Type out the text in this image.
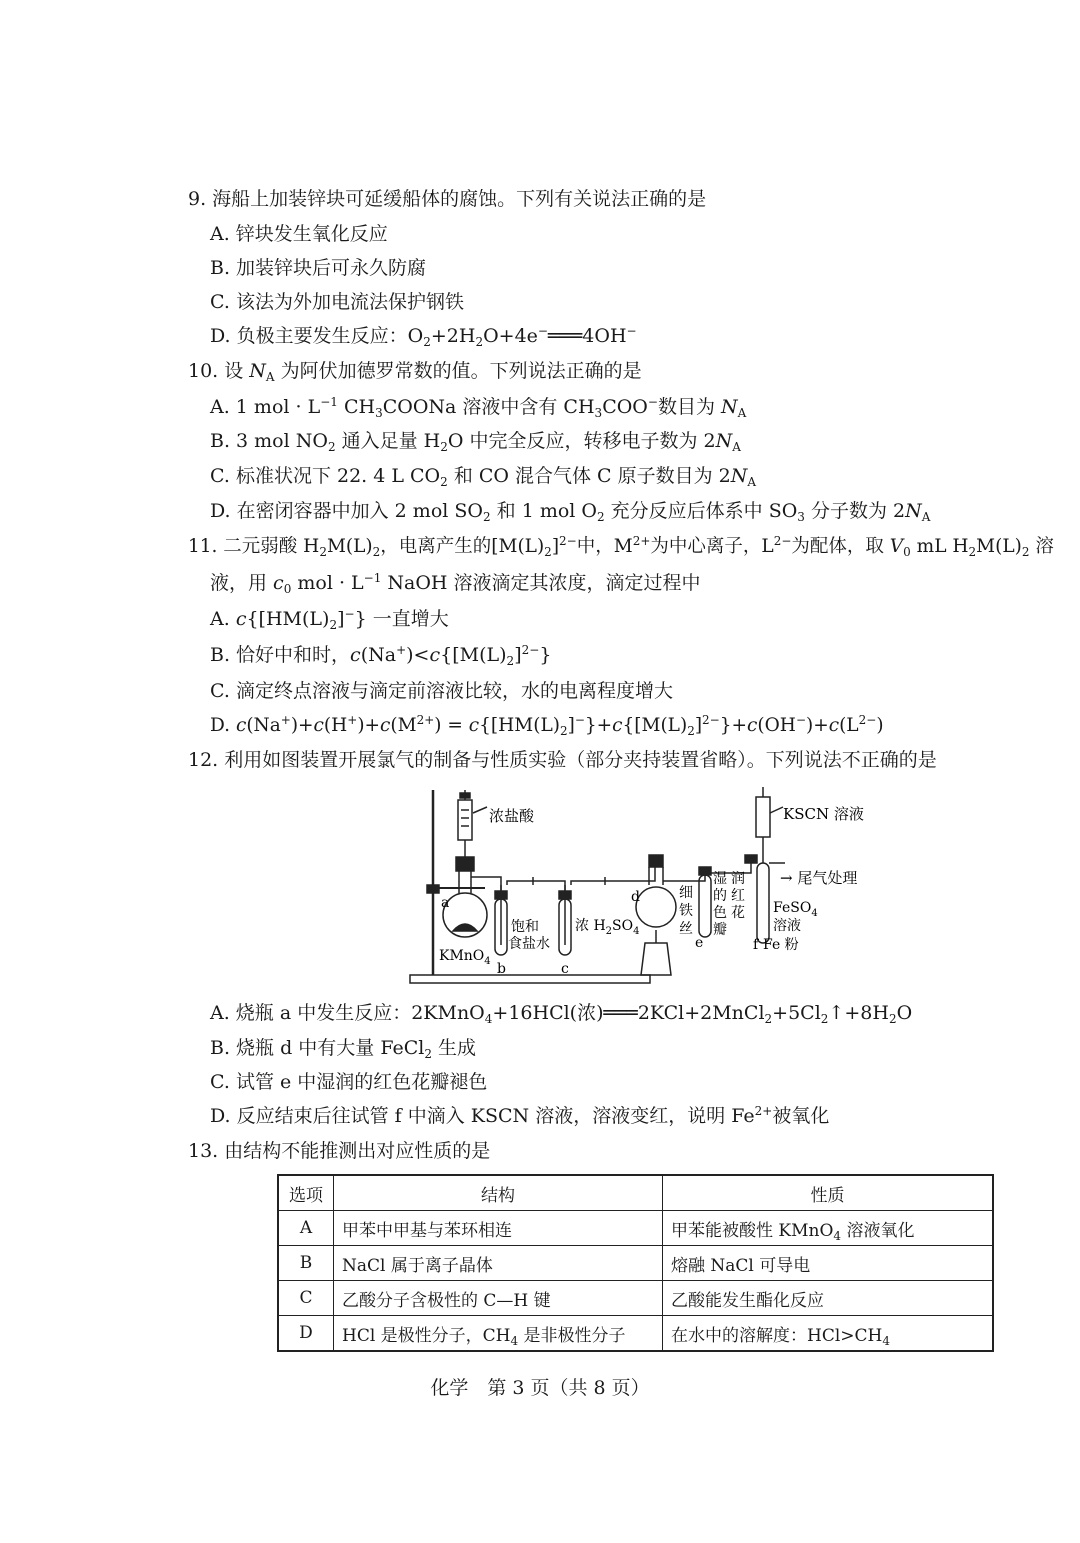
9. 海船上加装锌块可延缓船体的腐蚀。下列有关说法正确的是
A. 锌块发生氧化反应
B. 加装锌块后可永久防腐
C. 该法为外加电流法保护钢铁
D. 负极主要发生反应：$O_2+2H_2O+4e^-═══4OH^-$
10. 设 $N_A$ 为阿伏加德罗常数的值。下列说法正确的是
A. 1 mol · $L^{-1}$ $CH_3COONa$ 溶液中含有 $CH_3COO^-$数目为 $N_A$
B. 3 mol $NO_2$ 通入足量 $H_2O$ 中完全反应，转移电子数为 $2N_A$
C. 标准状况下 22. 4 L $CO_2$ 和 CO 混合气体 C 原子数目为 $2N_A$
D. 在密闭容器中加入 2 mol $SO_2$ 和 1 mol $O_2$ 充分反应后体系中 $SO_3$ 分子数为 $2N_A$
11. 二元弱酸 $H_2M(L)_2$，电离产生的$[M(L)_2]^{2-}$中，$M^{2+}$为中心离子，$L^{2-}$为配体，取 $V_0$ mL $H_2M(L)_2$ 溶
液，用 $c_0$ mol · $L^{-1}$ NaOH 溶液滴定其浓度，滴定过程中
A. $c\{[HM(L)_2]^-\}$ 一直增大
B. 恰好中和时，$c(Na^+)<c\{[M(L)_2]^{2-}\}$
C. 滴定终点溶液与滴定前溶液比较，水的电离程度增大
D. $c(Na^+)+c(H^+)+c(M^{2+}) = c\{[HM(L)_2]^-\}+c\{[M(L)_2]^{2-}\}+c(OH^-)+c(L^{2-})$
12. 利用如图装置开展氯气的制备与性质实验（部分夹持装置省略）。下列说法不正确的是
浓盐酸	KSCN 溶液
→ 尾气处理
a
b	c
d
e	f
KMnO$_4$
饱和
食盐水
浓 $H_2SO_4$
细
铁
丝
湿
的
色
瓣
润
红
花 FeSO$_4$
溶液
Fe 粉
A. 烧瓶 a 中发生反应：2KMnO$_4$+16HCl(浓)$═══2KCl+2MnCl_2+5Cl_2↑+8H_2O$
B. 烧瓶 d 中有大量 FeCl$_2$ 生成
C. 试管 e 中湿润的红色花瓣褪色
D. 反应结束后往试管 f 中滴入 KSCN 溶液，溶液变红，说明 $Fe^{2+}$被氧化
13. 由结构不能推测出对应性质的是
选项	结构	性质
A	甲苯中甲基与苯环相连	甲苯能被酸性 KMnO$_4$ 溶液氧化
B	NaCl 属于离子晶体	熔融 NaCl 可导电
C	乙酸分子含极性的 C—H 键	乙酸能发生酯化反应
D	HCl 是极性分子，$CH_4$ 是非极性分子	在水中的溶解度：$HCl>CH_4$
化学　第 3 页（共 8 页）
